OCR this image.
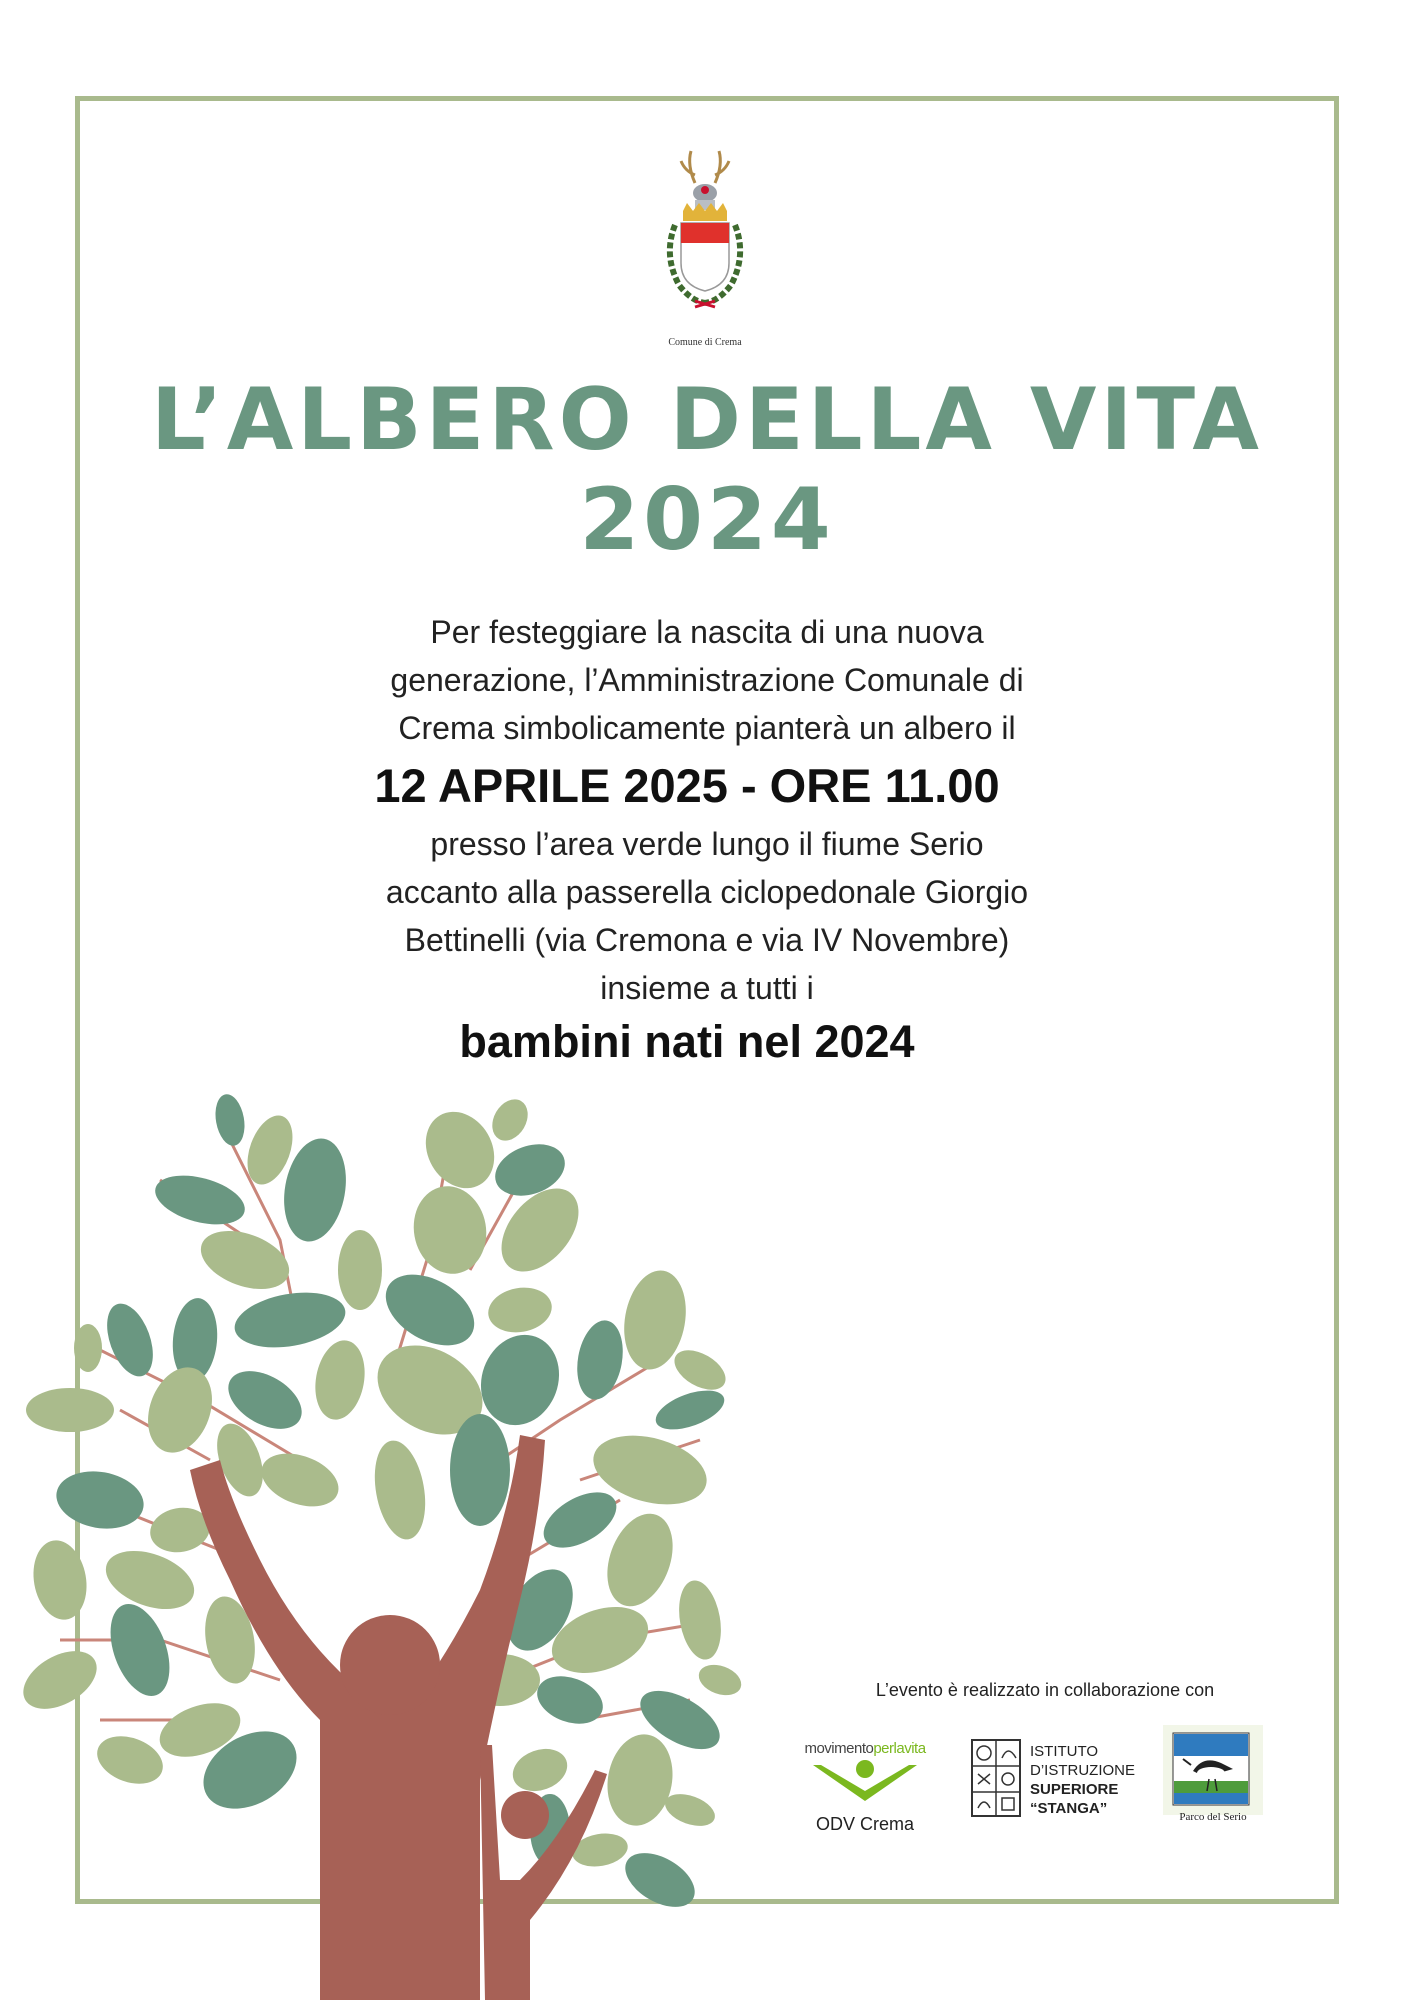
Comune di Crema
L’ALBERO DELLA VITA
2024
Per festeggiare la nascita di una nuova
generazione, l’Amministrazione Comunale di
Crema simbolicamente pianterà un albero il
12 APRILE 2025 - ORE 11.00
presso l’area verde lungo il fiume Serio
accanto alla passerella ciclopedonale Giorgio
Bettinelli (via Cremona e via IV Novembre)
insieme a tutti i
bambini nati nel 2024
L’evento è realizzato in collaborazione con
movimentoperlavita
ODV Crema
ISTITUTO
D’ISTRUZIONE
SUPERIORE
“STANGA”	Parco del Serio
